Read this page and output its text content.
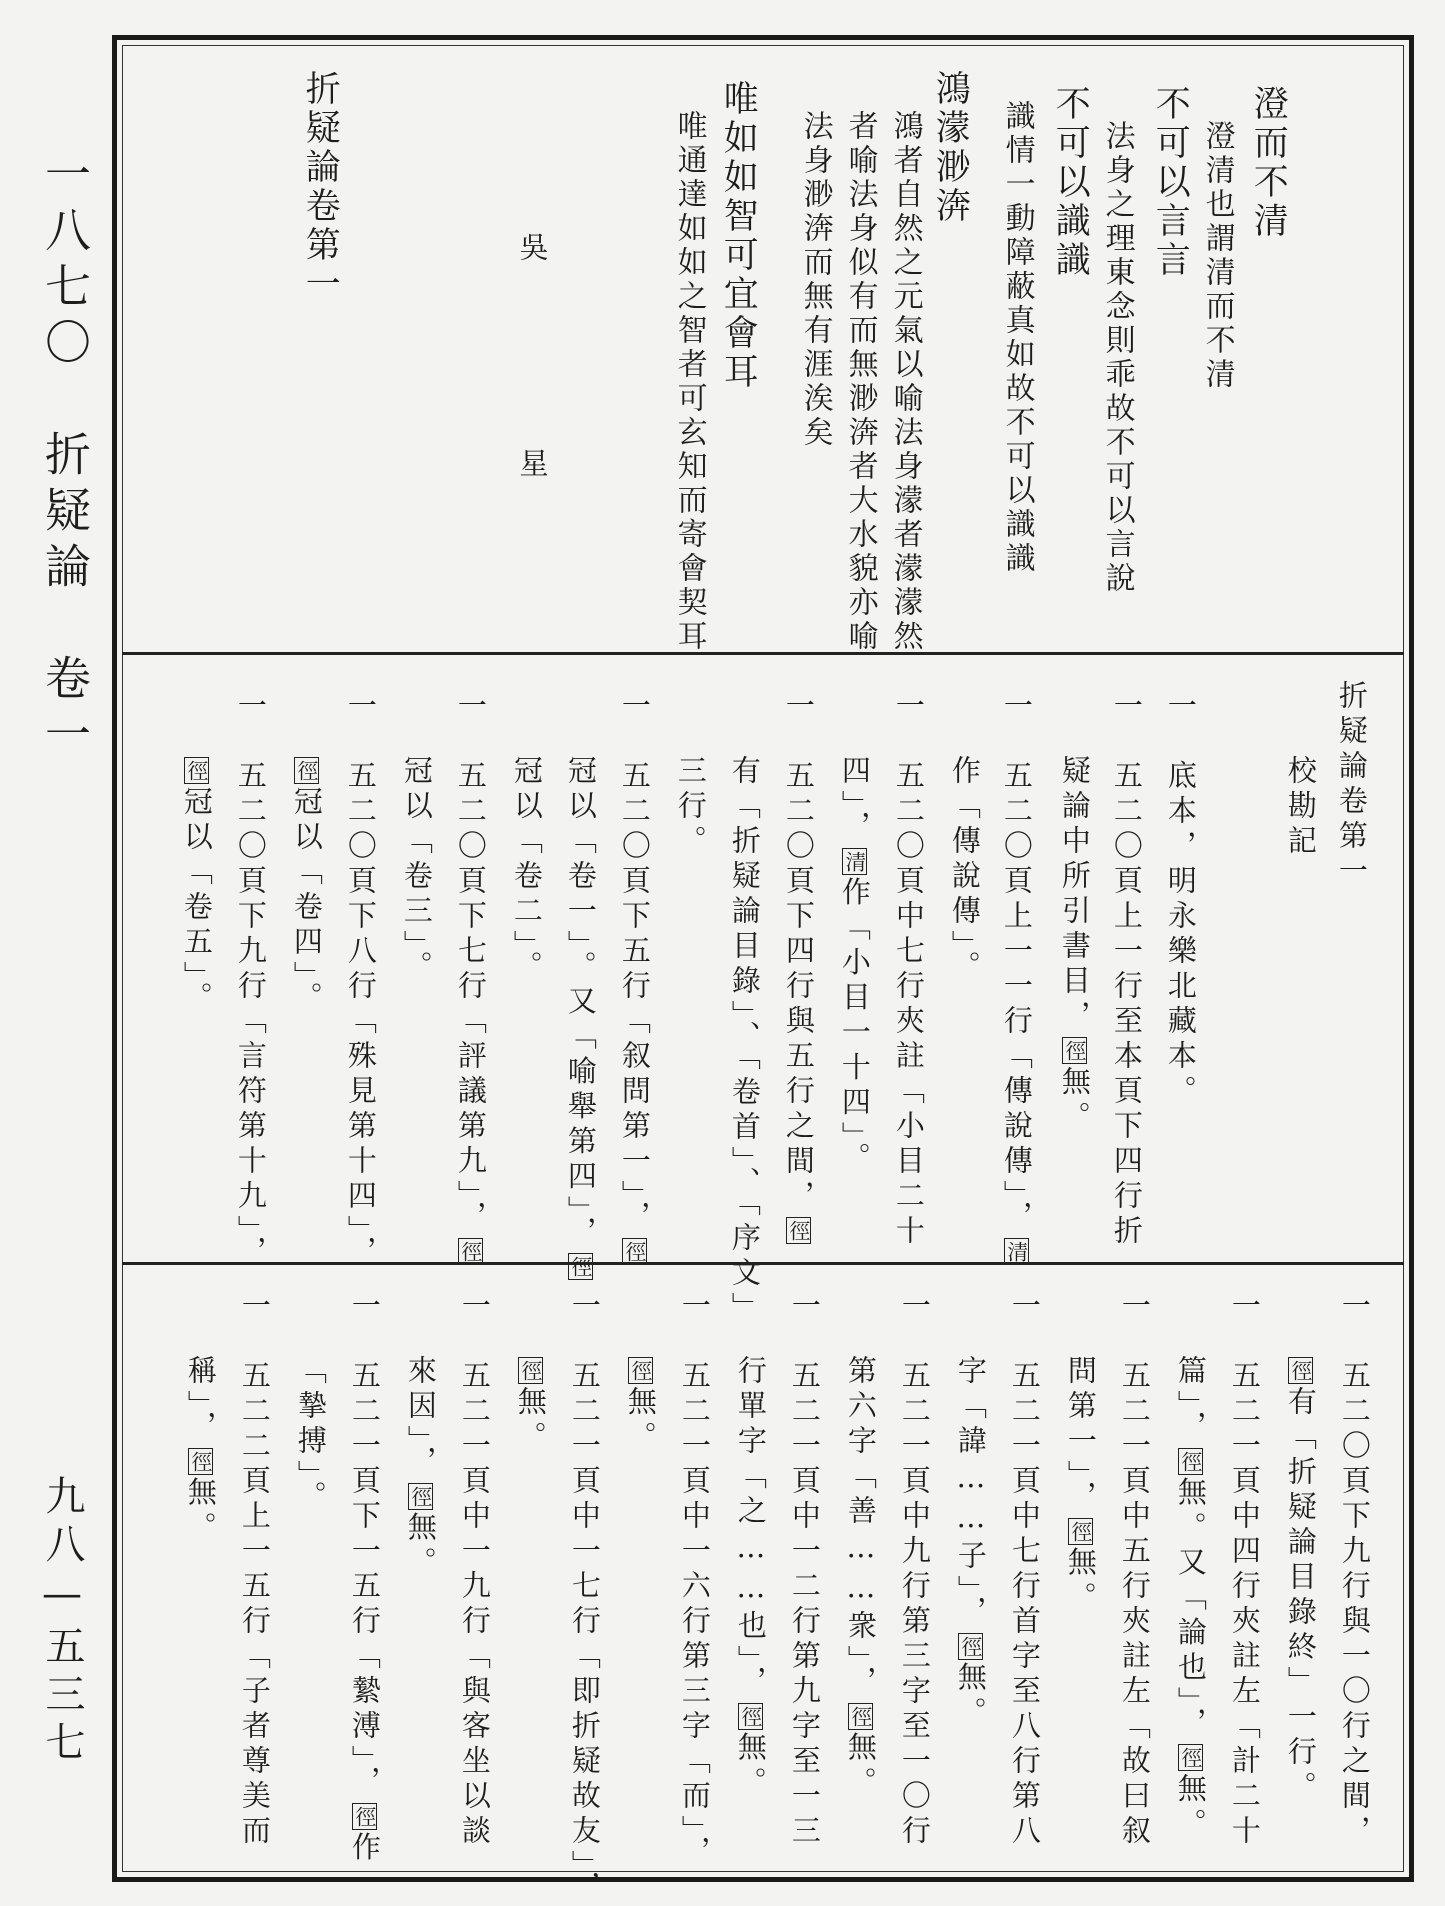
一八七〇　折疑論　卷一
九八—五三七
澄而不清
澄清也謂清而不清
不可以言言
法身之理東念則乖故不可以言說
不可以識識
識情一動障蔽真如故不可以識識
鴻濛渺渀
鴻者自然之元氣以喻法身濛者濛濛然
者喻法身似有而無渺渀者大水貌亦喻
法身渺渀而無有涯涘矣
唯如如智可宜會耳
唯通達如如之智者可玄知而寄會契耳
吳
星
折疑論卷第一
折疑論卷第一
校勘記
一　底本，明永樂北藏本。
一　五二〇頁上一行至本頁下四行折
疑論中所引書目，徑無。
一　五二〇頁上一一行「傳說傳」，清
作「傳說傳」。
一　五二〇頁中七行夾註「小目二十
四」，清作「小目一十四」。
一　五二〇頁下四行與五行之間，徑
有「折疑論目錄」、「卷首」、「序文」
三行。
一　五二〇頁下五行「叙問第一」，徑
冠以「卷一」。又「喻舉第四」，徑
冠以「卷二」。
一　五二〇頁下七行「評議第九」，徑
冠以「卷三」。
一　五二〇頁下八行「殊見第十四」，
徑冠以「卷四」。
一　五二〇頁下九行「言符第十九」，
徑冠以「卷五」。
一　五二〇頁下九行與一〇行之間，
徑有「折疑論目錄終」一行。
一　五二一頁中四行夾註左「計二十
篇」，徑無。又「論也」，徑無。
一　五二一頁中五行夾註左「故曰叙
問第一」，徑無。
一　五二一頁中七行首字至八行第八
字「諱……子」，徑無。
一　五二一頁中九行第三字至一〇行
第六字「善……衆」，徑無。
一　五二一頁中一二行第九字至一三
行單字「之……也」，徑無。
一　五二一頁中一六行第三字「而」，
徑無。
一　五二一頁中一七行「即折疑故友」，
徑無。
一　五二一頁中一九行「與客坐以談
來因」，徑無。
一　五二一頁下一五行「縶溥」，徑作
「摯搏」。
一　五二二頁上一五行「子者尊美而
稱」，徑無。
